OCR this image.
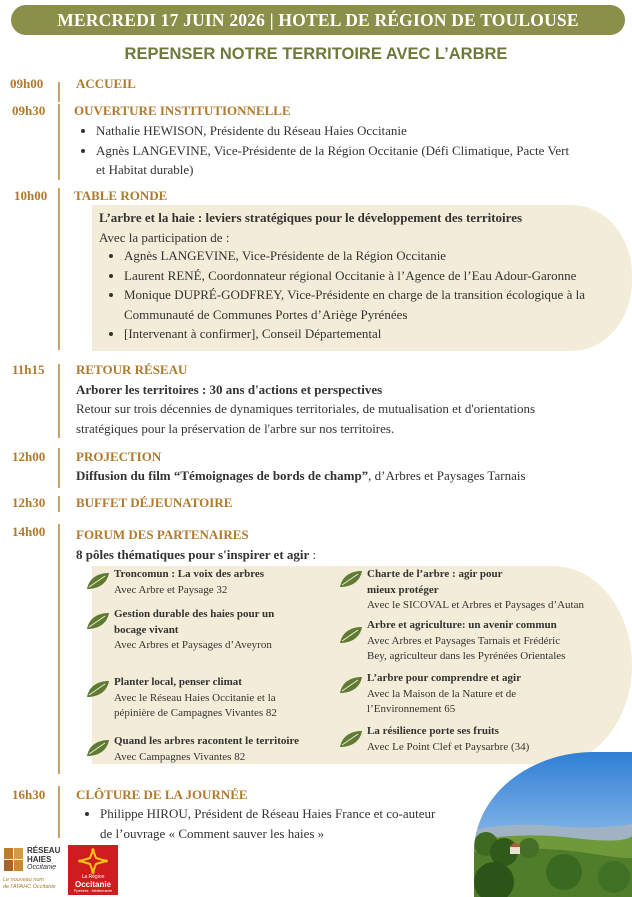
MERCREDI 17 JUIN 2026 | HOTEL DE RÉGION DE TOULOUSE
REPENSER NOTRE TERRITOIRE AVEC L’ARBRE
09h00	ACCUEIL
09h30 OUVERTURE INSTITUTIONNELLE
• Nathalie HEWISON, Présidente du Réseau Haies Occitanie
• Agnès LANGEVINE, Vice-Présidente de la Région Occitanie (Défi Climatique, Pacte Vert
et Habitat durable)
10h00 TABLE RONDE
L’arbre et la haie : leviers stratégiques pour le développement des territoires
Avec la participation de :
• Agnès LANGEVINE, Vice-Présidente de la Région Occitanie
• Laurent RENÉ, Coordonnateur régional Occitanie à l’Agence de l’Eau Adour-Garonne
• Monique DUPRÉ-GODFREY, Vice-Présidente en charge de la transition écologique à la
Communauté de Communes Portes d’Ariège Pyrénées
• [Intervenant à confirmer], Conseil Départemental
11h15 RETOUR RÉSEAU
Arborer les territoires : 30 ans d'actions et perspectives
Retour sur trois décennies de dynamiques territoriales, de mutualisation et d'orientations
stratégiques pour la préservation de l'arbre sur nos territoires.
12h00 PROJECTION
Diffusion du film “Témoignages de bords de champ”, d’Arbres et Paysages Tarnais
12h30 BUFFET DÉJEUNATOIRE
14h00 FORUM DES PARTENAIRES
8 pôles thématiques pour s'inspirer et agir :
Troncomun : La voix des arbres
Avec Arbre et Paysage 32
Gestion durable des haies pour un
bocage vivant
Avec Arbres et Paysages d’Aveyron
Planter local, penser climat
Avec le Réseau Haies Occitanie et la
pépinière de Campagnes Vivantes 82
Quand les arbres racontent le territoire
Avec Campagnes Vivantes 82
Charte de l’arbre : agir pour
mieux protéger
Avec le SICOVAL et Arbres et Paysages d’Autan
Arbre et agriculture: un avenir commun
Avec Arbres et Paysages Tarnais et Frédéric
Bey, agriculteur dans les Pyrénées Orientales
L’arbre pour comprendre et agir
Avec la Maison de la Nature et de
l’Environnement 65
La résilience porte ses fruits
Avec Le Point Clef et Paysarbre (34)
16h30 CLÔTURE DE LA JOURNÉE
• Philippe HIROU, Président de Réseau Haies France et co-auteur
de l’ouvrage « Comment sauver les haies »
RÉSEAU
HAIES
Occitanie
Le nouveau nom
de l'AFAHC Occitanie
La Région
Occitanie
Pyrénées · Méditerranée
